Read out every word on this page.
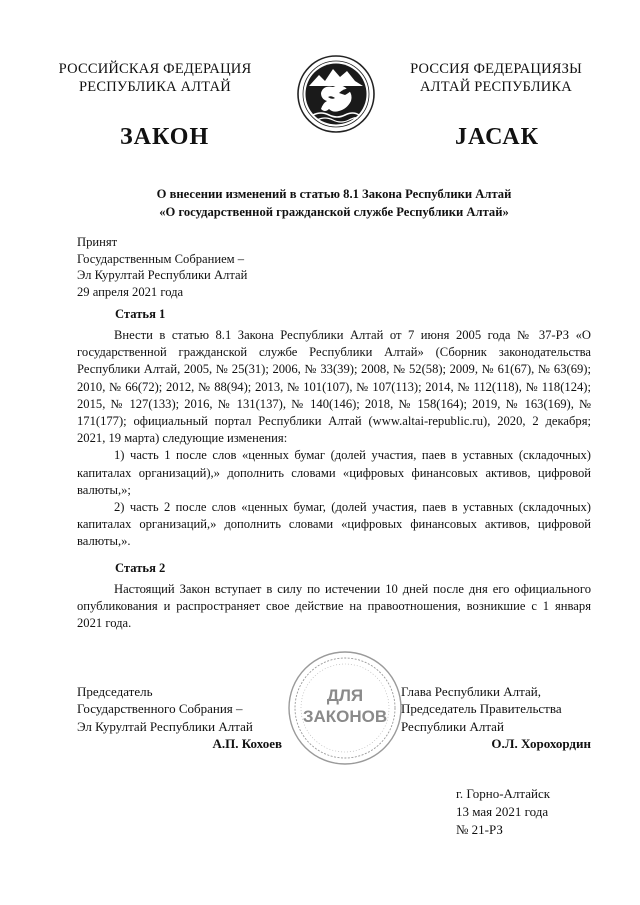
РОССИЙСКАЯ ФЕДЕРАЦИЯ
РЕСПУБЛИКА АЛТАЙ
РОССИЯ ФЕДЕРАЦИЯЗЫ
АЛТАЙ РЕСПУБЛИКА
ЗАКОН	JАСАК
О внесении изменений в статью 8.1 Закона Республики Алтай
«О государственной гражданской службе Республики Алтай»
Принят
Государственным Собранием –
Эл Курултай Республики Алтай
29 апреля 2021 года
Статья 1

Внести в статью 8.1 Закона Республики Алтай от 7 июня 2005 года № 37-РЗ «О государственной гражданской службе Республики Алтай» (Сборник законодательства Республики Алтай, 2005, № 25(31); 2006, № 33(39); 2008, № 52(58); 2009, № 61(67), № 63(69); 2010, № 66(72); 2012, № 88(94); 2013, № 101(107), № 107(113); 2014, № 112(118), № 118(124); 2015, № 127(133); 2016, № 131(137), № 140(146); 2018, № 158(164); 2019, № 163(169), № 171(177); официальный портал Республики Алтай (www.altai-republic.ru), 2020, 2 декабря; 2021, 19 марта) следующие изменения:

1) часть 1 после слов «ценных бумаг (долей участия, паев в уставных (складочных) капиталах организаций),» дополнить словами «цифровых финансовых активов, цифровой валюты,»;

2) часть 2 после слов «ценных бумаг, (долей участия, паев в уставных (складочных) капиталах организаций,» дополнить словами «цифровых финансовых активов, цифровой валюты,».

Статья 2

Настоящий Закон вступает в силу по истечении 10 дней после дня его официального опубликования и распространяет свое действие на правоотношения, возникшие с 1 января 2021 года.

ДЛЯ
ЗАКОНОВ
Председатель
Государственного Собрания –
Эл Курултай Республики Алтай
А.П. Кохоев
Глава Республики Алтай,
Председатель Правительства
Республики Алтай
О.Л. Хорохордин
г. Горно-Алтайск
13 мая 2021 года
№ 21-РЗ
